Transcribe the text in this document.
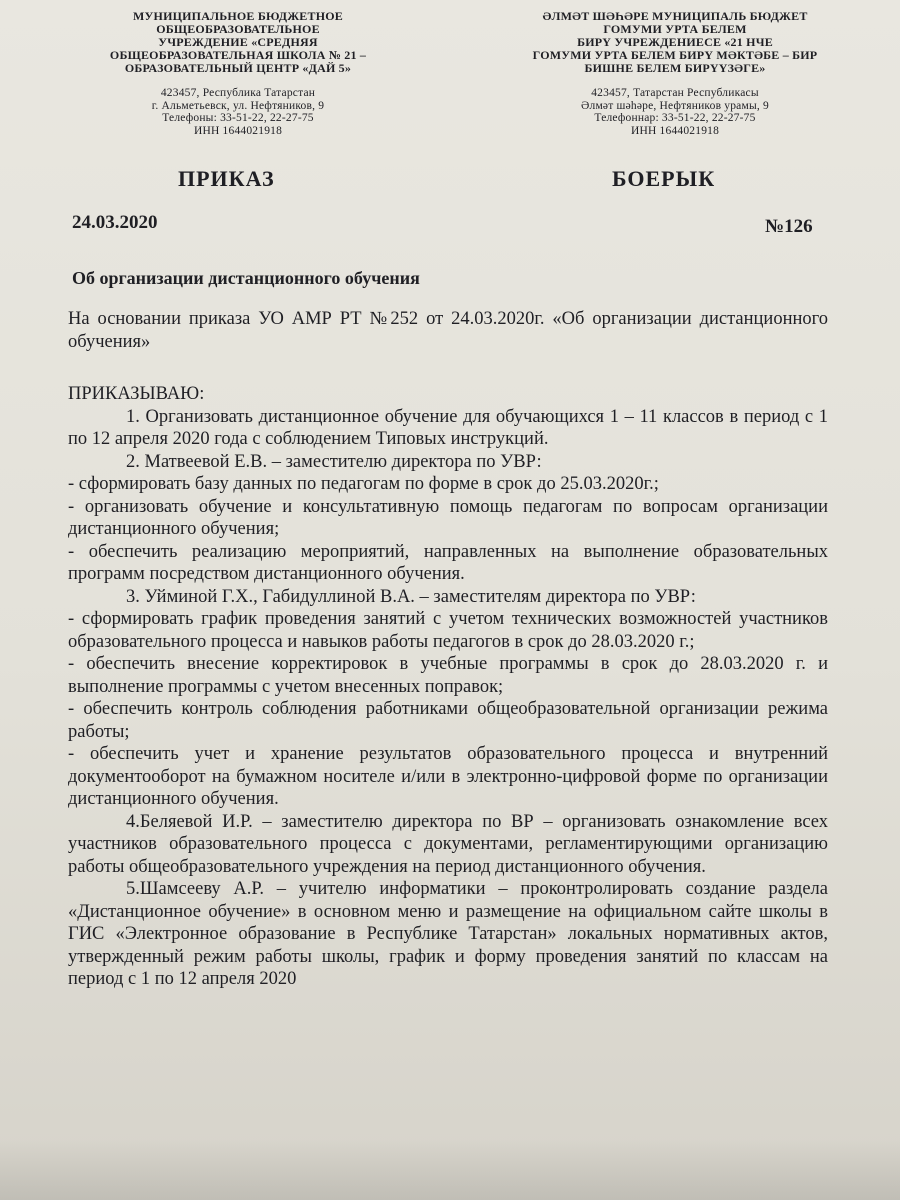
МУНИЦИПАЛЬНОЕ БЮДЖЕТНОЕ
ОБЩЕОБРАЗОВАТЕЛЬНОЕ
УЧРЕЖДЕНИЕ «СРЕДНЯЯ
ОБЩЕОБРАЗОВАТЕЛЬНАЯ ШКОЛА № 21 –
ОБРАЗОВАТЕЛЬНЫЙ ЦЕНТР «ДАЙ 5»
423457, Республика Татарстан
г. Альметьевск, ул. Нефтяников, 9
Телефоны: 33-51-22, 22-27-75
ИНН 1644021918
ӘЛМӘТ ШӘҺӘРЕ МУНИЦИПАЛЬ БЮДЖЕТ
ГОМУМИ УРТА БЕЛЕМ
БИРҮ УЧРЕЖДЕНИЕСЕ «21 НЧЕ
ГОМУМИ УРТА БЕЛЕМ БИРҮ МӘКТӘБЕ – БИР
БИШНЕ БЕЛЕМ БИРҮҮЗӘГЕ»
423457, Татарстан Республикасы
Әлмәт шәһәре, Нефтяников урамы, 9
Телефоннар: 33-51-22, 22-27-75
ИНН 1644021918
ПРИКАЗ	БОЕРЫК
24.03.2020	№126
Об организации дистанционного обучения

На основании приказа УО АМР РТ №252 от 24.03.2020г. «Об организации дистанционного обучения»

ПРИКАЗЫВАЮ:

1. Организовать дистанционное обучение для обучающихся 1 – 11 классов в период с 1 по 12 апреля 2020 года с соблюдением Типовых инструкций.

2. Матвеевой Е.В. – заместителю директора по УВР:

- сформировать базу данных по педагогам по форме в срок до 25.03.2020г.;

- организовать обучение и консультативную помощь педагогам по вопросам организации дистанционного обучения;

- обеспечить реализацию мероприятий, направленных на выполнение образовательных программ посредством дистанционного обучения.

3. Уйминой Г.Х., Габидуллиной В.А. – заместителям директора по УВР:

- сформировать график проведения занятий с учетом технических возможностей участников образовательного процесса и навыков работы педагогов в срок до 28.03.2020 г.;

- обеспечить внесение корректировок в учебные программы в срок до 28.03.2020 г. и выполнение программы с учетом внесенных поправок;

- обеспечить контроль соблюдения работниками общеобразовательной организации режима работы;

- обеспечить учет и хранение результатов образовательного процесса и внутренний документооборот на бумажном носителе и/или в электронно-цифровой форме по организации дистанционного обучения.

4.Беляевой И.Р. – заместителю директора по ВР – организовать ознакомление всех участников образовательного процесса с документами, регламентирующими организацию работы общеобразовательного учреждения на период дистанционного обучения.

5.Шамсееву А.Р. – учителю информатики – проконтролировать создание раздела «Дистанционное обучение» в основном меню и размещение на официальном сайте школы в ГИС «Электронное образование в Республике Татарстан» локальных нормативных актов, утвержденный режим работы школы, график и форму проведения занятий по классам на период с 1 по 12 апреля 2020
